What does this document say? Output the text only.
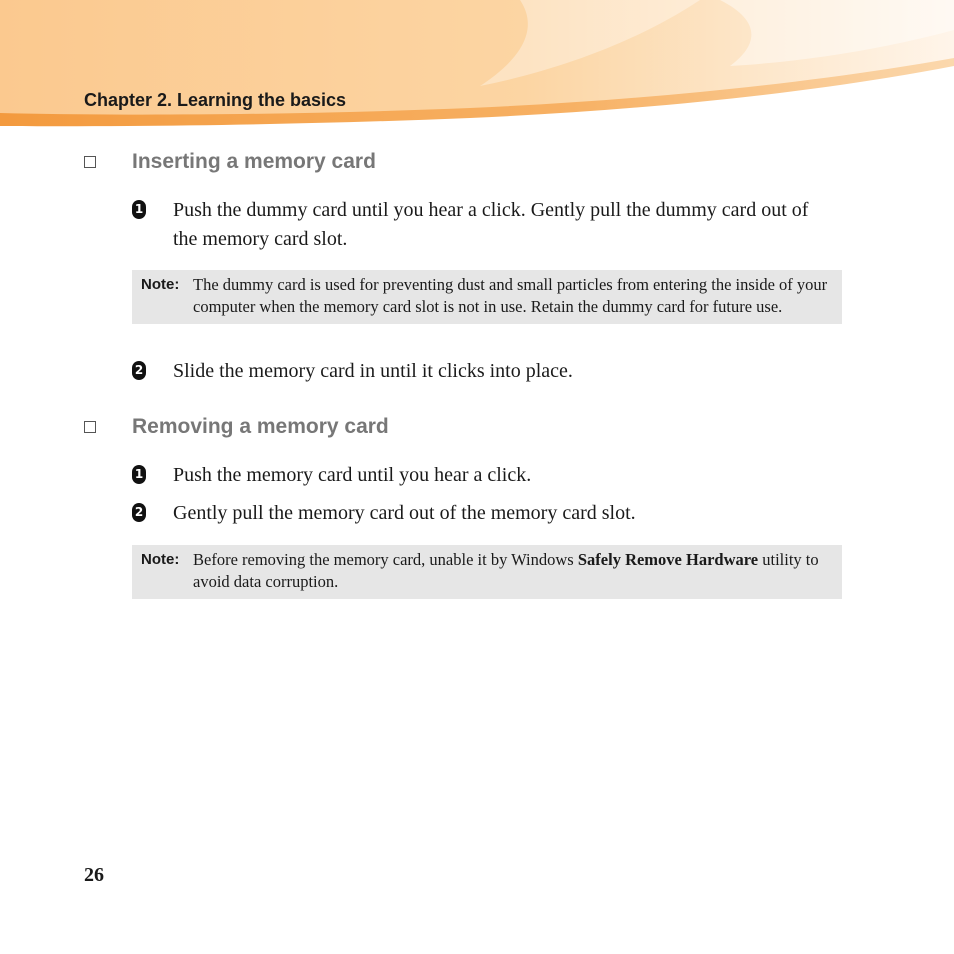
Chapter 2. Learning the basics
Inserting a memory card
1 Push the dummy card until you hear a click. Gently pull the dummy card out of the memory card slot.

Note: The dummy card is used for preventing dust and small particles from entering the inside of your computer when the memory card slot is not in use. Retain the dummy card for future use.

2 Slide the memory card in until it clicks into place.

Removing a memory card
1 Push the memory card until you hear a click.

2 Gently pull the memory card out of the memory card slot.

Note: Before removing the memory card, unable it by Windows Safely Remove Hardware utility to avoid data corruption.

26
